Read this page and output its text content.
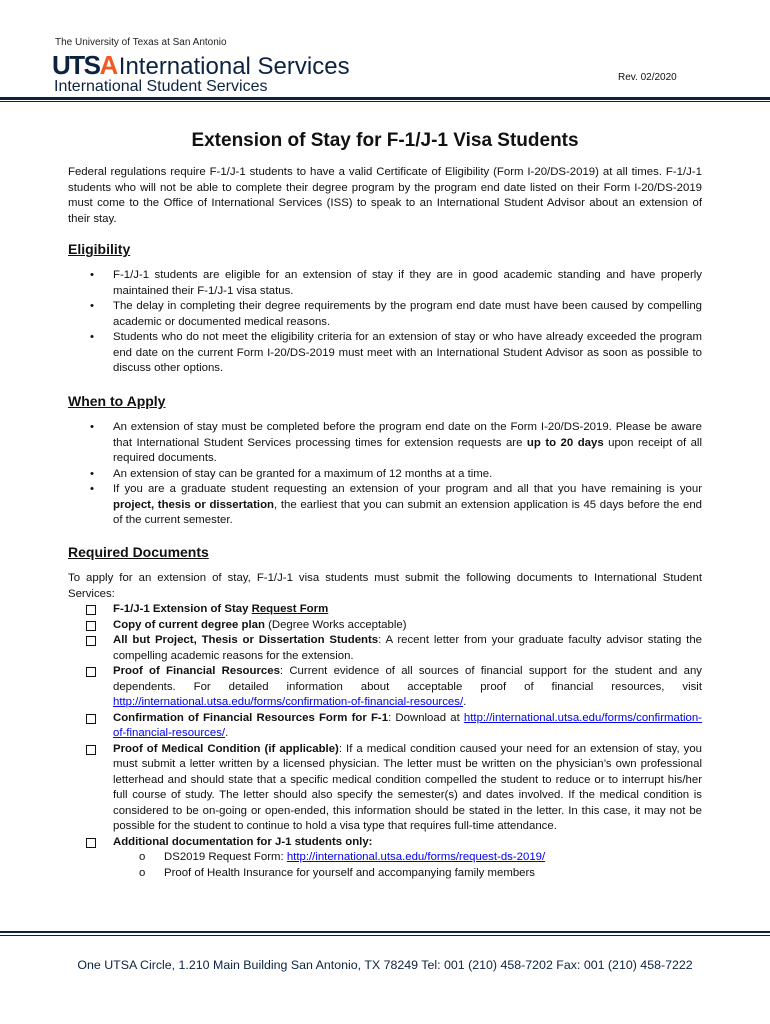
The University of Texas at San Antonio
UTSAInternational Services
International Student Services
Rev. 02/2020
Extension of Stay for F-1/J-1 Visa Students

Federal regulations require F-1/J-1 students to have a valid Certificate of Eligibility (Form I-20/DS-2019) at all times. F-1/J-1 students who will not be able to complete their degree program by the program end date listed on their Form I-20/DS-2019 must come to the Office of International Services (ISS) to speak to an International Student Advisor about an extension of their stay.

Eligibility
• F-1/J-1 students are eligible for an extension of stay if they are in good academic standing and have properly maintained their F-1/J-1 visa status.
• The delay in completing their degree requirements by the program end date must have been caused by compelling academic or documented medical reasons.
• Students who do not meet the eligibility criteria for an extension of stay or who have already exceeded the program end date on the current Form I-20/DS-2019 must meet with an International Student Advisor as soon as possible to discuss other options.
When to Apply
• An extension of stay must be completed before the program end date on the Form I-20/DS-2019. Please be aware that International Student Services processing times for extension requests are up to 20 days upon receipt of all required documents.
• An extension of stay can be granted for a maximum of 12 months at a time.
• If you are a graduate student requesting an extension of your program and all that you have remaining is your project, thesis or dissertation, the earliest that you can submit an extension application is 45 days before the end of the current semester.
Required Documents

To apply for an extension of stay, F-1/J-1 visa students must submit the following documents to International Student Services:

F-1/J-1 Extension of Stay Request Form
Copy of current degree plan (Degree Works acceptable)
All but Project, Thesis or Dissertation Students: A recent letter from your graduate faculty advisor stating the compelling academic reasons for the extension.
Proof of Financial Resources: Current evidence of all sources of financial support for the student and any dependents. For detailed information about acceptable proof of financial resources, visit http://international.utsa.edu/forms/confirmation-of-financial-resources/.
Confirmation of Financial Resources Form for F-1: Download at http://international.utsa.edu/forms/confirmation-of-financial-resources/.
Proof of Medical Condition (if applicable): If a medical condition caused your need for an extension of stay, you must submit a letter written by a licensed physician. The letter must be written on the physician’s own professional letterhead and should state that a specific medical condition compelled the student to reduce or to interrupt his/her full course of study. The letter should also specify the semester(s) and dates involved. If the medical condition is considered to be on-going or open-ended, this information should be stated in the letter. In this case, it may not be possible for the student to continue to hold a visa type that requires full-time attendance.
Additional documentation for J-1 students only:
o DS2019 Request Form: http://international.utsa.edu/forms/request-ds-2019/
o Proof of Health Insurance for yourself and accompanying family members
One UTSA Circle, 1.210 Main Building San Antonio, TX 78249 Tel: 001 (210) 458-7202 Fax: 001 (210) 458-7222
